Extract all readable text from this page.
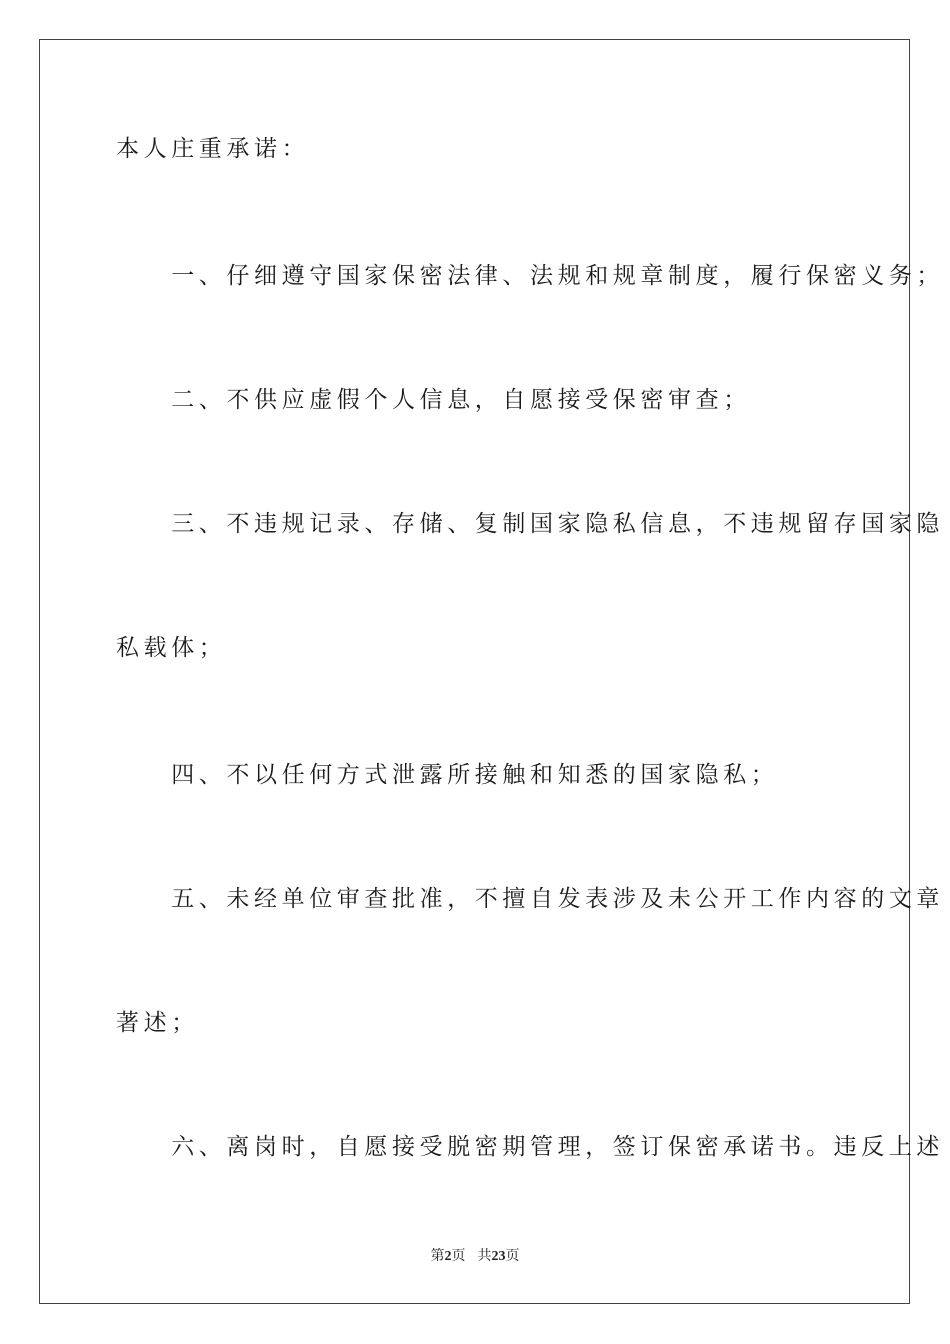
本人庄重承诺：
　　一、仔细遵守国家保密法律、法规和规章制度，履行保密义务；
　　二、不供应虚假个人信息，自愿接受保密审查；
　　三、不违规记录、存储、复制国家隐私信息，不违规留存国家隐
私载体；
　　四、不以任何方式泄露所接触和知悉的国家隐私；
　　五、未经单位审查批准，不擅自发表涉及未公开工作内容的文章
著述；
　　六、离岗时，自愿接受脱密期管理，签订保密承诺书。违反上述
第2页 共23页
